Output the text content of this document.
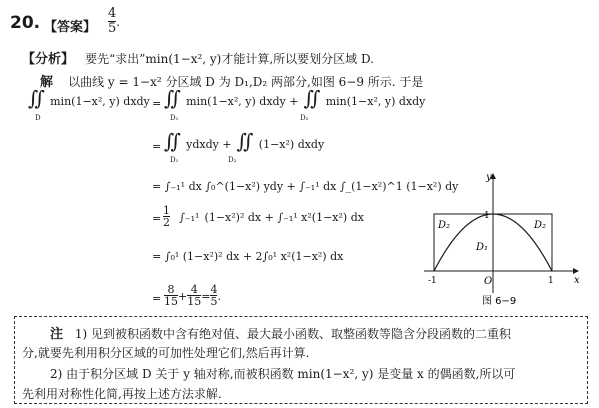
20. 【答案】 $\frac{4}{5}$ .
【分析】 要先“求出”min(1−x², y)才能计算,所以要划分区域 D.
解 以曲线 y = 1−x² 分区域 D 为 D₁,D₂ 两部分,如图 6−9 所示. 于是
∬ min(1−x², y) dxdy
D
= ∬ min(1−x², y) dxdy + ∬ min(1−x², y) dxdy
D₁	D₂
= ∬ ydxdy + ∬ (1−x²) dxdy
D₁	D₂
= ∫₋₁¹ dx ∫₀^(1−x²) ydy + ∫₋₁¹ dx ∫_(1−x²)^1 (1−x²) dy
= $\frac{1}{2} \int_{-1}^1$ (1−x²)² dx + ∫₋₁¹ x²(1−x²) dx
= ∫₀¹ (1−x²)² dx + 2∫₀¹ x²(1−x²) dx
= $\frac{8}{15} + \frac{4}{15} = \frac{4}{5}$ .
y
x
1
-1	1
O
D₁
D₂	D₂
图 6−9
注 1) 见到被积函数中含有绝对值、最大最小函数、取整函数等隐含分段函数的二重积
分,就要先利用积分区域的可加性处理它们,然后再计算.
2) 由于积分区域 D 关于 y 轴对称,而被积函数 min(1−x², y) 是变量 x 的偶函数,所以可
先利用对称性化简,再按上述方法求解.
